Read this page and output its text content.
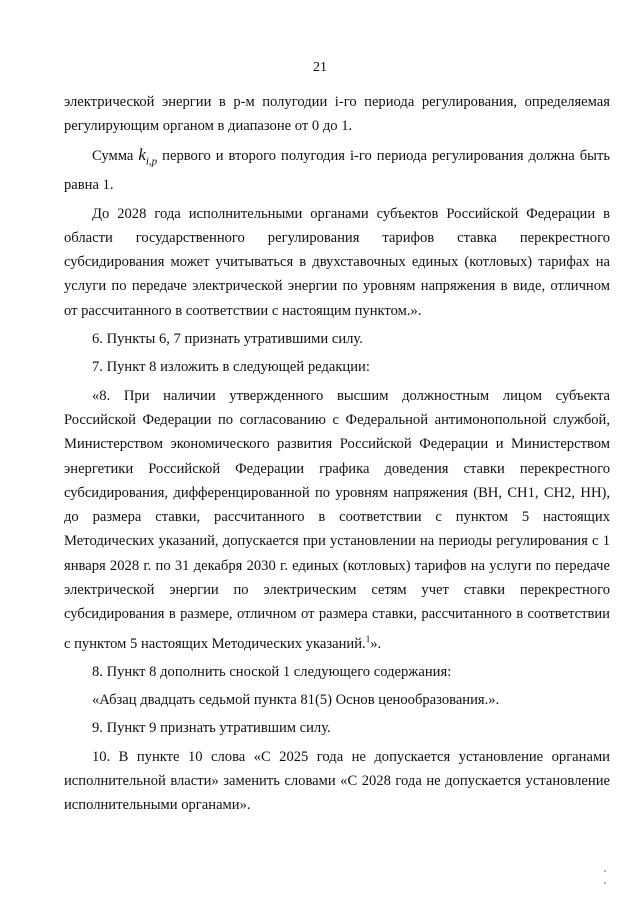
21

электрической энергии в р-м полугодии i-го периода регулирования, определяемая регулирующим органом в диапазоне от 0 до 1.

Сумма $k_{i,p}$ первого и второго полугодия i-го периода регулирования должна быть равна 1.

До 2028 года исполнительными органами субъектов Российской Федерации в области государственного регулирования тарифов ставка перекрестного субсидирования может учитываться в двухставочных единых (котловых) тарифах на услуги по передаче электрической энергии по уровням напряжения в виде, отличном от рассчитанного в соответствии с настоящим пунктом.».

6. Пункты 6, 7 признать утратившими силу.

7. Пункт 8 изложить в следующей редакции:

«8. При наличии утвержденного высшим должностным лицом субъекта Российской Федерации по согласованию с Федеральной антимонопольной службой, Министерством экономического развития Российской Федерации и Министерством энергетики Российской Федерации графика доведения ставки перекрестного субсидирования, дифференцированной по уровням напряжения (ВН, СН1, СН2, НН), до размера ставки, рассчитанного в соответствии с пунктом 5 настоящих Методических указаний, допускается при установлении на периоды регулирования с 1 января 2028 г. по 31 декабря 2030 г. единых (котловых) тарифов на услуги по передаче электрической энергии по электрическим сетям учет ставки перекрестного субсидирования в размере, отличном от размера ставки, рассчитанного в соответствии с пунктом 5 настоящих Методических указаний.$^1$».

8. Пункт 8 дополнить сноской 1 следующего содержания:

«Абзац двадцать седьмой пункта 81(5) Основ ценообразования.».

9. Пункт 9 признать утратившим силу.

10. В пункте 10 слова «С 2025 года не допускается установление органами исполнительной власти» заменить словами «С 2028 года не допускается установление исполнительными органами».
